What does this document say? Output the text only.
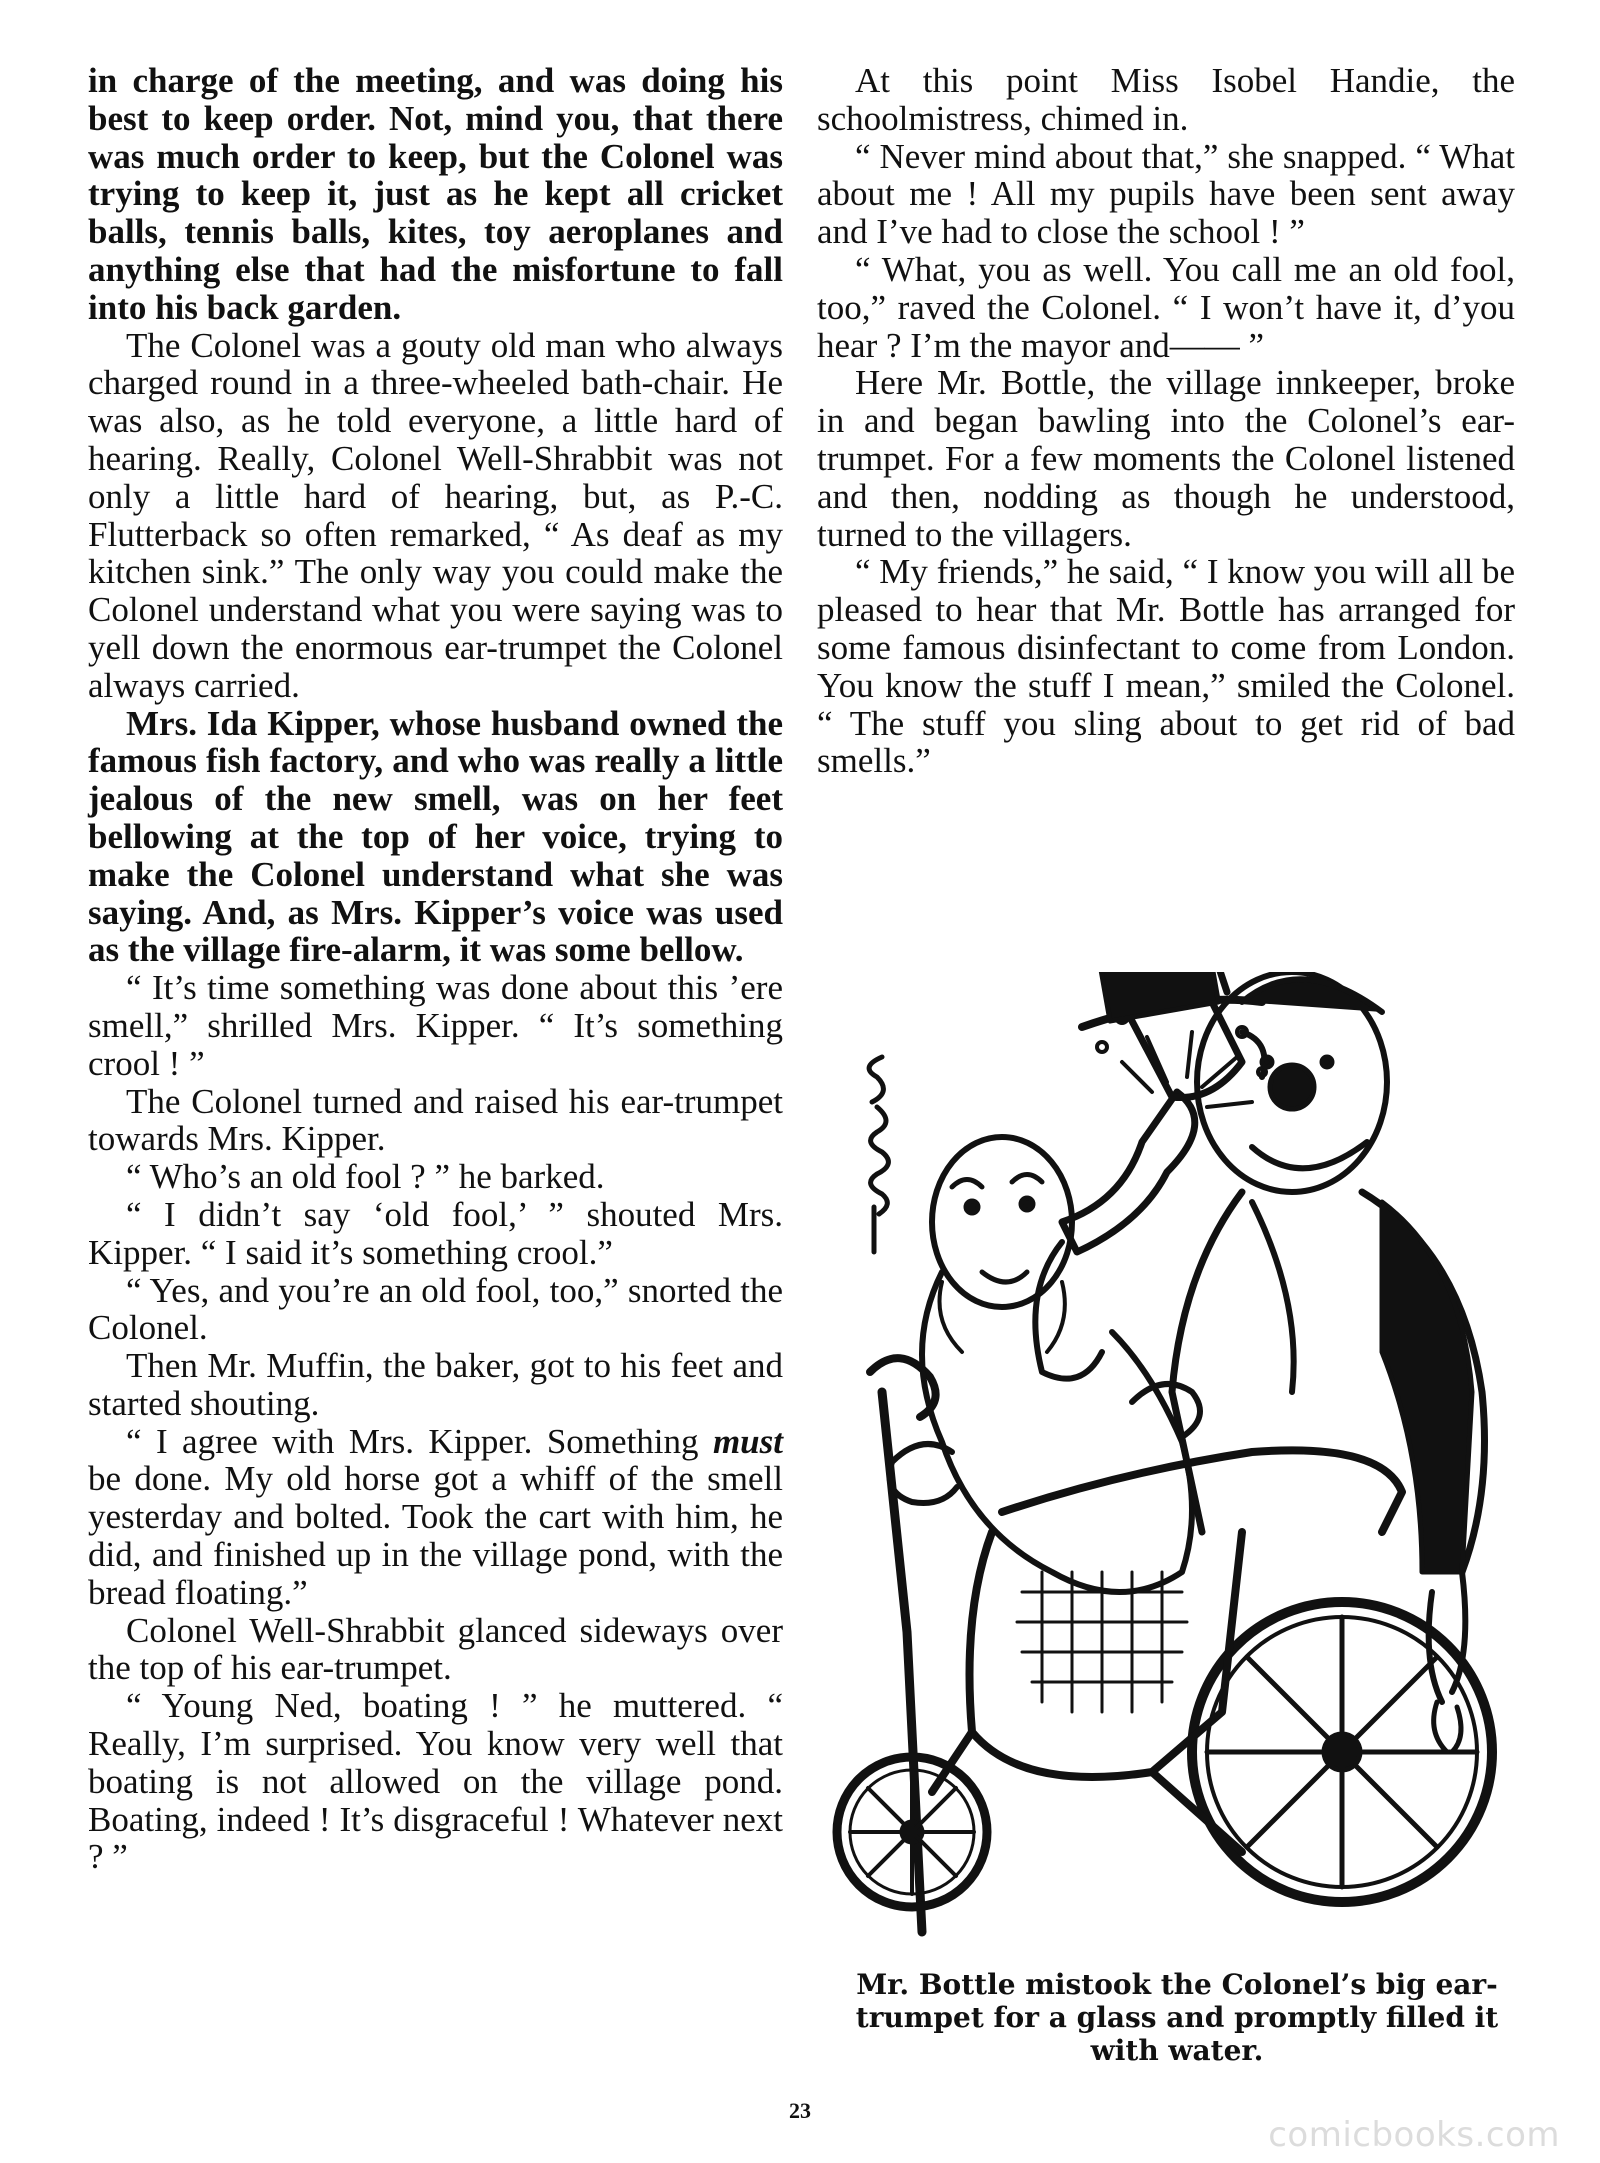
in charge of the meeting, and was doing his best to keep order. Not, mind you, that there was much order to keep, but the Colonel was trying to keep it, just as he kept all cricket balls, tennis balls, kites, toy aeroplanes and anything else that had the misfortune to fall into his back garden.

The Colonel was a gouty old man who always charged round in a three-wheeled bath-chair. He was also, as he told everyone, a little hard of hearing. Really, Colonel Well-Shrabbit was not only a little hard of hearing, but, as P.-C. Flutterback so often remarked, “ As deaf as my kitchen sink.” The only way you could make the Colonel understand what you were saying was to yell down the enormous ear-trumpet the Colonel always carried.

Mrs. Ida Kipper, whose husband owned the famous fish factory, and who was really a little jealous of the new smell, was on her feet bellowing at the top of her voice, trying to make the Colonel understand what she was saying. And, as Mrs. Kipper’s voice was used as the village fire-alarm, it was some bellow.

“ It’s time something was done about this ’ere smell,” shrilled Mrs. Kipper. “ It’s something crool ! ”

The Colonel turned and raised his ear-trumpet towards Mrs. Kipper.

“ Who’s an old fool ? ” he barked.

“ I didn’t say ‘old fool,’ ” shouted Mrs. Kipper. “ I said it’s something crool.”

“ Yes, and you’re an old fool, too,” snorted the Colonel.

Then Mr. Muffin, the baker, got to his feet and started shouting.

“ I agree with Mrs. Kipper. Something must be done. My old horse got a whiff of the smell yesterday and bolted. Took the cart with him, he did, and finished up in the village pond, with the bread floating.”

Colonel Well-Shrabbit glanced sideways over the top of his ear-trumpet.

“ Young Ned, boating ! ” he muttered. “ Really, I’m surprised. You know very well that boating is not allowed on the village pond. Boating, indeed ! It’s disgraceful ! Whatever next ? ”

At this point Miss Isobel Handie, the schoolmistress, chimed in.

“ Never mind about that,” she snapped. “ What about me ! All my pupils have been sent away and I’ve had to close the school ! ”

“ What, you as well. You call me an old fool, too,” raved the Colonel. “ I won’t have it, d’you hear ? I’m the mayor and—— ”

Here Mr. Bottle, the village innkeeper, broke in and began bawling into the Colonel’s ear-trumpet. For a few moments the Colonel listened and then, nodding as though he understood, turned to the villagers.

“ My friends,” he said, “ I know you will all be pleased to hear that Mr. Bottle has arranged for some famous disinfectant to come from London. You know the stuff I mean,” smiled the Colonel. “ The stuff you sling about to get rid of bad smells.”

Mr. Bottle mistook the Colonel’s big ear-trumpet for a glass and promptly filled it with water.
23
comicbooks.com
